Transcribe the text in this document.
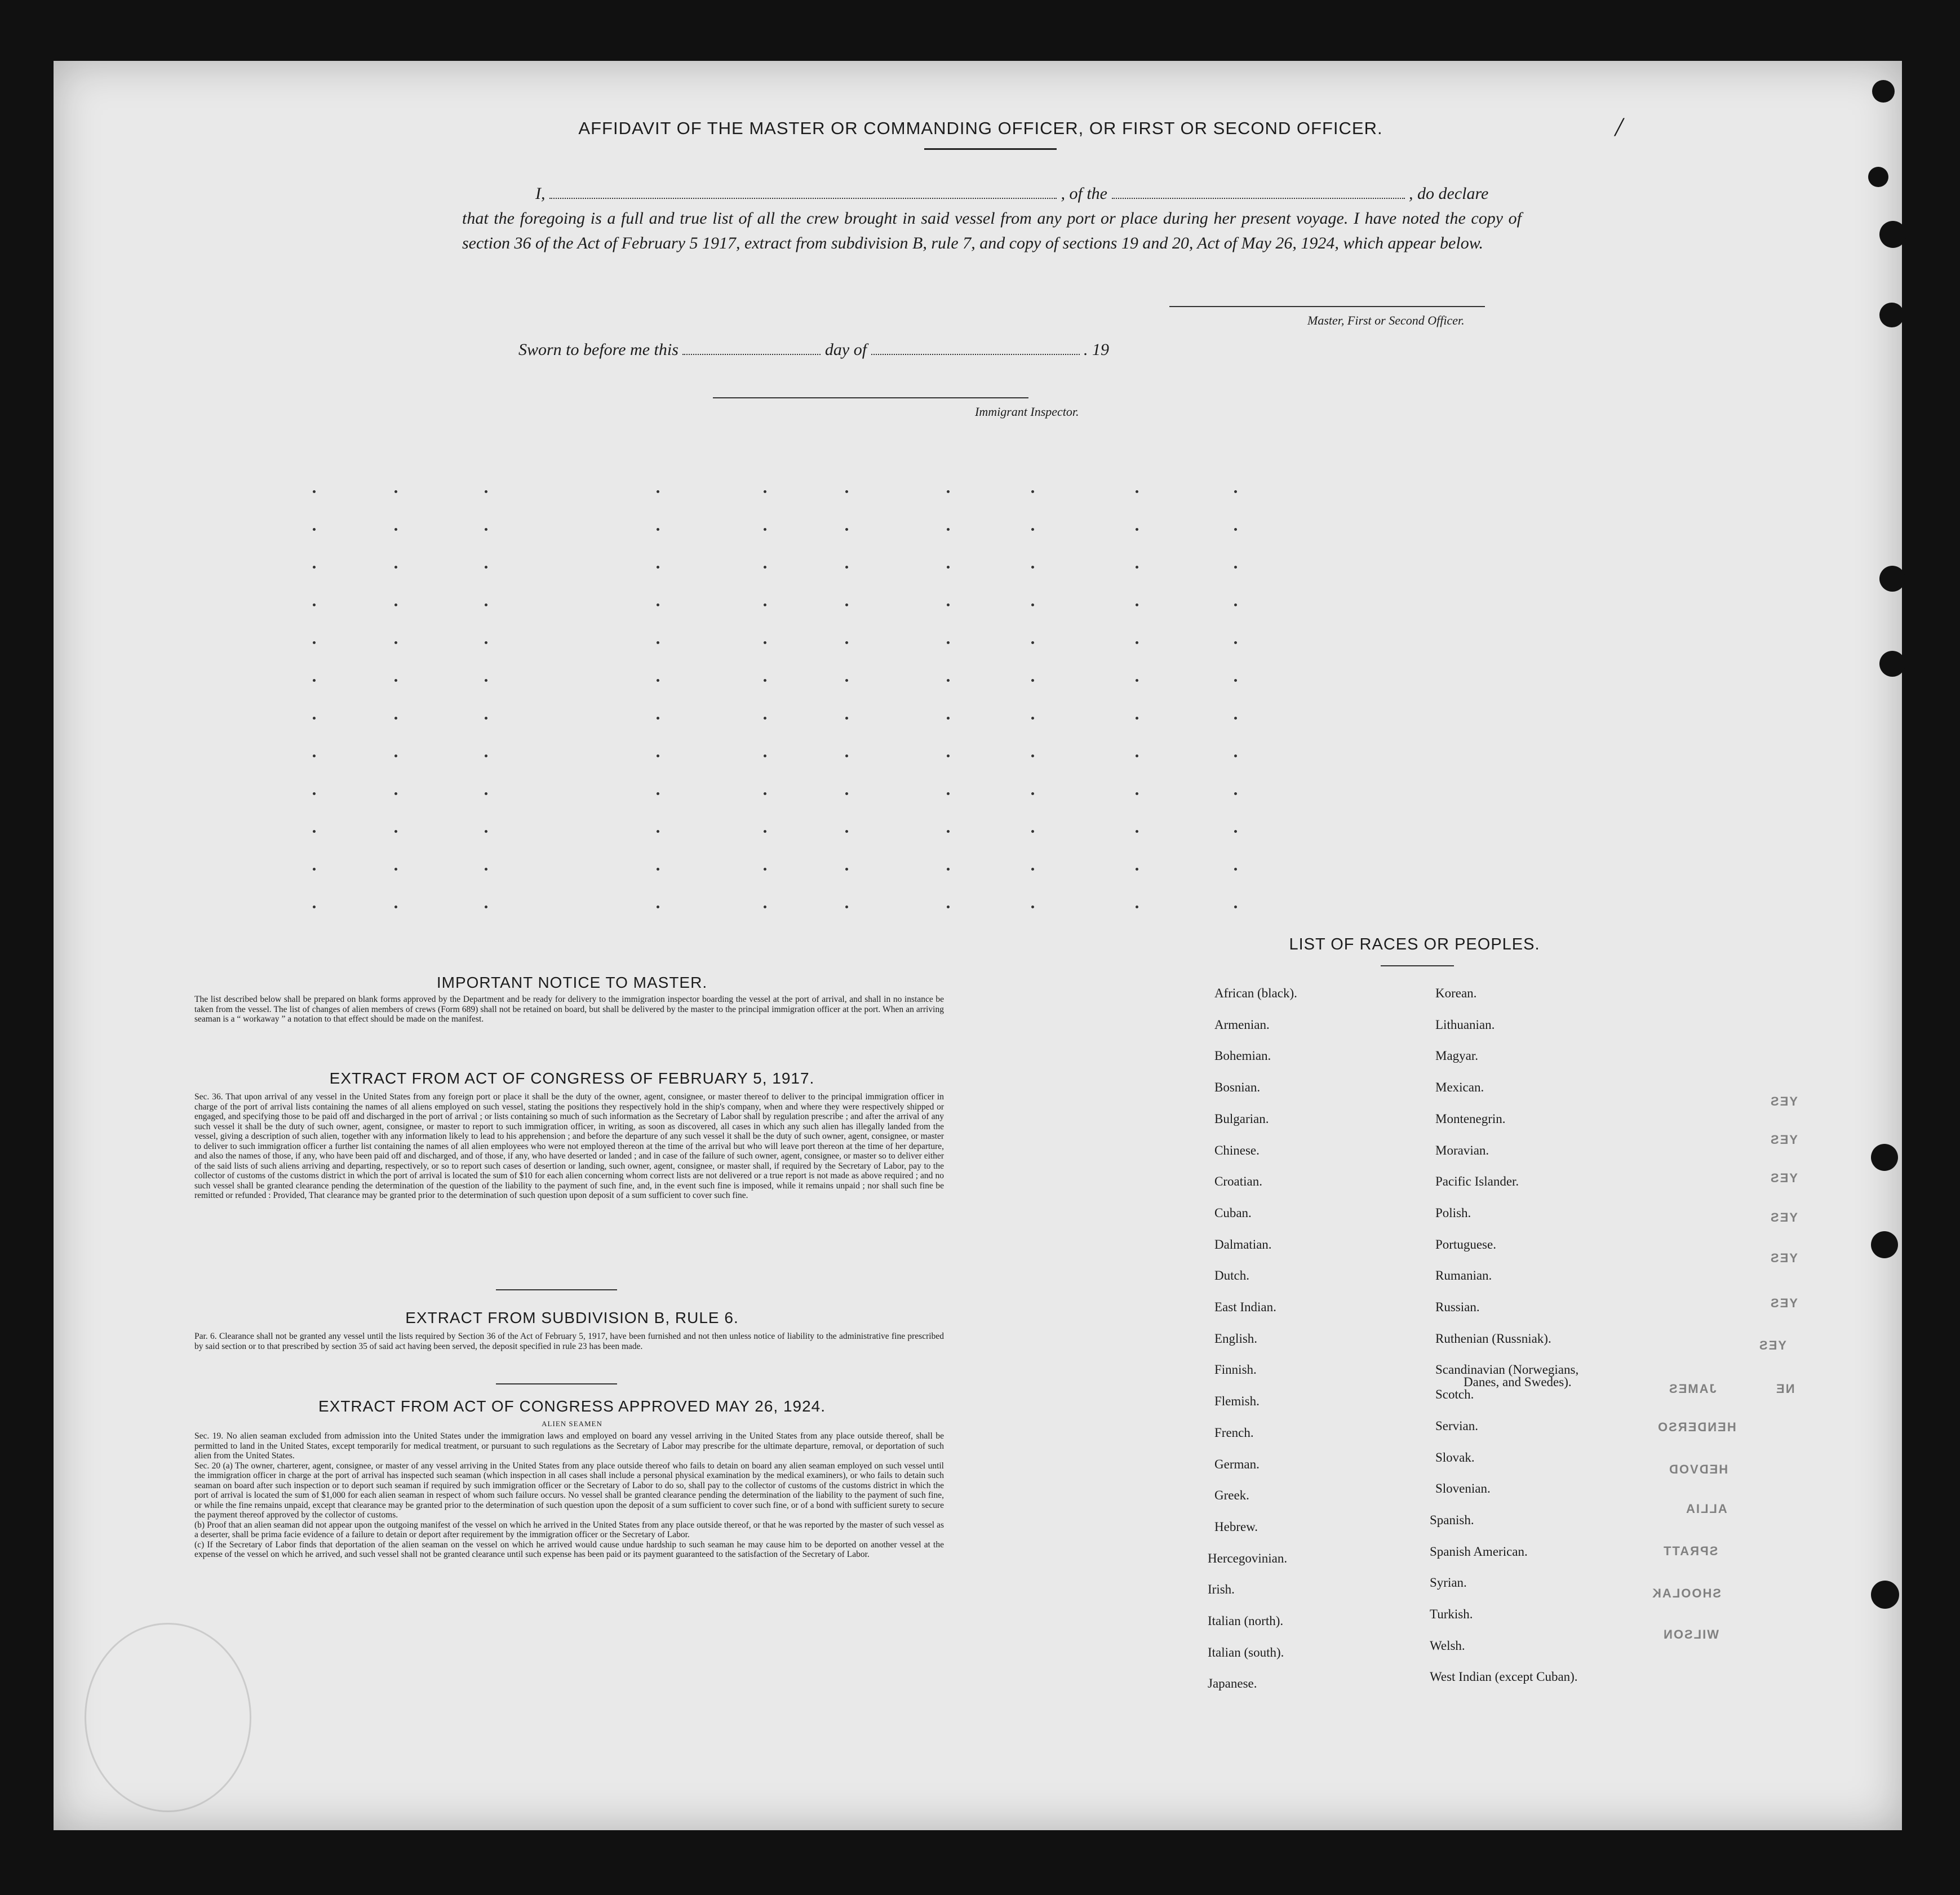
AFFIDAVIT OF THE MASTER OR COMMANDING OFFICER, OR FIRST OR SECOND OFFICER.	/
I,	, of the	, do declare
that the foregoing is a full and true list of all the crew brought in said vessel from any port or place during her present voyage. I have noted the copy of section 36 of the Act of February 5 1917, extract from subdivision B, rule 7, and copy of sections 19 and 20, Act of May 26, 1924, which appear below.
Master, First or Second Officer.
Sworn to before me this	day of	. 19
Immigrant Inspector.
YES
YES
YES
YES
YES
YES
YES
NE
JAMES
HENDERSO
HEDVOD
ALLIA
SPRATT
SHOOLAK
WILSON
IMPORTANT NOTICE TO MASTER.
The list described below shall be prepared on blank forms approved by the Department and be ready for delivery to the immigration inspector boarding the vessel at the port of arrival, and shall in no instance be taken from the vessel. The list of changes of alien members of crews (Form 689) shall not be retained on board, but shall be delivered by the master to the principal immigration officer at the port. When an arriving seaman is a “ workaway ” a notation to that effect should be made on the manifest.
EXTRACT FROM ACT OF CONGRESS OF FEBRUARY 5, 1917.
Sec. 36. That upon arrival of any vessel in the United States from any foreign port or place it shall be the duty of the owner, agent, consignee, or master thereof to deliver to the principal immigration officer in charge of the port of arrival lists containing the names of all aliens employed on such vessel, stating the positions they respectively hold in the ship's company, when and where they were respectively shipped or engaged, and specifying those to be paid off and discharged in the port of arrival ; or lists containing so much of such information as the Secretary of Labor shall by regulation prescribe ; and after the arrival of any such vessel it shall be the duty of such owner, agent, consignee, or master to report to such immigration officer, in writing, as soon as discovered, all cases in which any such alien has illegally landed from the vessel, giving a description of such alien, together with any information likely to lead to his apprehension ; and before the departure of any such vessel it shall be the duty of such owner, agent, consignee, or master to deliver to such immigration officer a further list containing the names of all alien employees who were not employed thereon at the time of the arrival but who will leave port thereon at the time of her departure, and also the names of those, if any, who have been paid off and discharged, and of those, if any, who have deserted or landed ; and in case of the failure of such owner, agent, consignee, or master so to deliver either of the said lists of such aliens arriving and departing, respectively, or so to report such cases of desertion or landing, such owner, agent, consignee, or master shall, if required by the Secretary of Labor, pay to the collector of customs of the customs district in which the port of arrival is located the sum of $10 for each alien concerning whom correct lists are not delivered or a true report is not made as above required ; and no such vessel shall be granted clearance pending the determination of the question of the liability to the payment of such fine, and, in the event such fine is imposed, while it remains unpaid ; nor shall such fine be remitted or refunded : Provided, That clearance may be granted prior to the determination of such question upon deposit of a sum sufficient to cover such fine.
EXTRACT FROM SUBDIVISION B, RULE 6.
Par. 6. Clearance shall not be granted any vessel until the lists required by Section 36 of the Act of February 5, 1917, have been furnished and not then unless notice of liability to the administrative fine prescribed by said section or to that prescribed by section 35 of said act having been served, the deposit specified in rule 23 has been made.
EXTRACT FROM ACT OF CONGRESS APPROVED MAY 26, 1924.
ALIEN SEAMEN
Sec. 19. No alien seaman excluded from admission into the United States under the immigration laws and employed on board any vessel arriving in the United States from any place outside thereof, shall be permitted to land in the United States, except temporarily for medical treatment, or pursuant to such regulations as the Secretary of Labor may prescribe for the ultimate departure, removal, or deportation of such alien from the United States.
Sec. 20 (a) The owner, charterer, agent, consignee, or master of any vessel arriving in the United States from any place outside thereof who fails to detain on board any alien seaman employed on such vessel until the immigration officer in charge at the port of arrival has inspected such seaman (which inspection in all cases shall include a personal physical examination by the medical examiners), or who fails to detain such seaman on board after such inspection or to deport such seaman if required by such immigration officer or the Secretary of Labor to do so, shall pay to the collector of customs of the customs district in which the port of arrival is located the sum of $1,000 for each alien seaman in respect of whom such failure occurs. No vessel shall be granted clearance pending the determination of the liability to the payment of such fine, or while the fine remains unpaid, except that clearance may be granted prior to the determination of such question upon the deposit of a sum sufficient to cover such fine, or of a bond with sufficient surety to secure the payment thereof approved by the collector of customs.
(b) Proof that an alien seaman did not appear upon the outgoing manifest of the vessel on which he arrived in the United States from any place outside thereof, or that he was reported by the master of such vessel as a deserter, shall be prima facie evidence of a failure to detain or deport after requirement by the immigration officer or the Secretary of Labor.
(c) If the Secretary of Labor finds that deportation of the alien seaman on the vessel on which he arrived would cause undue hardship to such seaman he may cause him to be deported on another vessel at the expense of the vessel on which he arrived, and such vessel shall not be granted clearance until such expense has been paid or its payment guaranteed to the satisfaction of the Secretary of Labor.
LIST OF RACES OR PEOPLES.
African (black).
Armenian.
Bohemian.
Bosnian.
Bulgarian.
Chinese.
Croatian.
Cuban.
Dalmatian.
Dutch.
East Indian.
English.
Finnish.
Flemish.
French.
German.
Greek.
Hebrew.
Hercegovinian.
Irish.
Italian (north).
Italian (south).
Japanese.
Korean.
Lithuanian.
Magyar.
Mexican.
Montenegrin.
Moravian.
Pacific Islander.
Polish.
Portuguese.
Rumanian.
Russian.
Ruthenian (Russniak).
Scandinavian (Norwegians,
Scotch.
Servian.
Slovak.
Slovenian.
Spanish.
Spanish American.
Syrian.
Turkish.
Welsh.
West Indian (except Cuban).
Danes, and Swedes).
